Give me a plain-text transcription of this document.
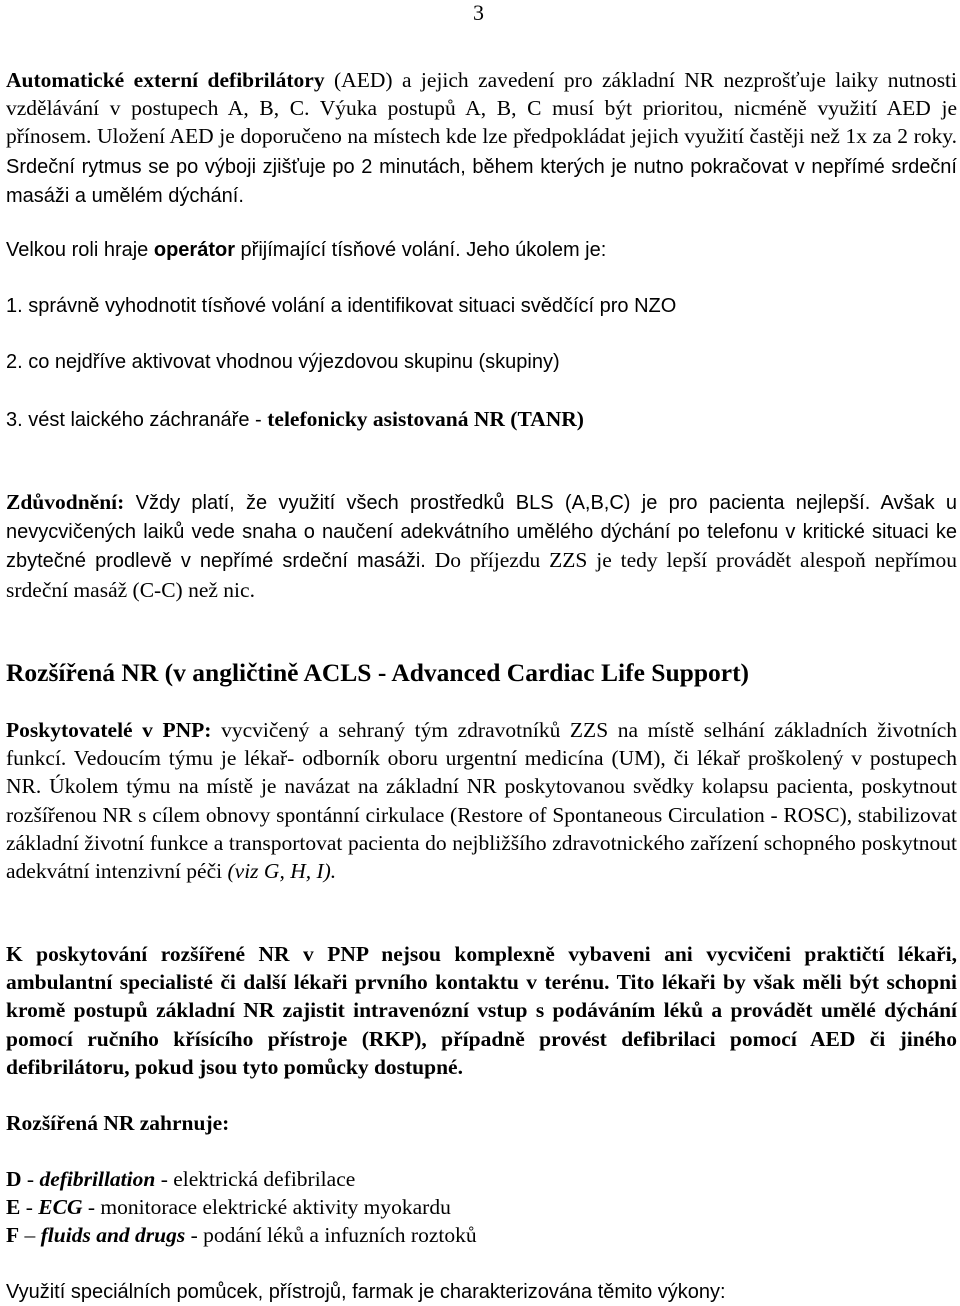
3

Automatické externí defibrilátory (AED) a jejich zavedení pro základní NR nezprošťuje laiky nutnosti vzdělávání v postupech A, B, C. Výuka postupů A, B, C musí být prioritou, nicméně využití AED je přínosem. Uložení AED je doporučeno na místech kde lze předpokládat jejich využití častěji než 1x za 2 roky. Srdeční rytmus se po výboji zjišťuje po 2 minutách, během kterých je nutno pokračovat v nepřímé srdeční masáži a umělém dýchání.

Velkou roli hraje operátor přijímající tísňové volání. Jeho úkolem je:

1. správně vyhodnotit tísňové volání a identifikovat situaci svědčící pro NZO

2. co nejdříve aktivovat vhodnou výjezdovou skupinu (skupiny)

3. vést laického záchranáře - telefonicky asistovaná NR (TANR)

Zdůvodnění: Vždy platí, že využití všech prostředků BLS (A,B,C) je pro pacienta nejlepší. Avšak u nevycvičených laiků vede snaha o naučení adekvátního umělého dýchání po telefonu v kritické situaci ke zbytečné prodlevě v nepřímé srdeční masáži. Do příjezdu ZZS je tedy lepší provádět alespoň nepřímou srdeční masáž (C-C) než nic.

Rozšířená NR (v angličtině ACLS - Advanced Cardiac Life Support)

Poskytovatelé v PNP: vycvičený a sehraný tým zdravotníků ZZS na místě selhání základních životních funkcí. Vedoucím týmu je lékař- odborník oboru urgentní medicína (UM), či lékař proškolený v postupech NR. Úkolem týmu na místě je navázat na základní NR poskytovanou svědky kolapsu pacienta, poskytnout rozšířenou NR s cílem obnovy spontánní cirkulace (Restore of Spontaneous Circulation - ROSC), stabilizovat základní životní funkce a transportovat pacienta do nejbližšího zdravotnického zařízení schopného poskytnout adekvátní intenzivní péči (viz G, H, I).

K poskytování rozšířené NR v PNP nejsou komplexně vybaveni ani vycvičeni praktičtí lékaři, ambulantní specialisté či další lékaři prvního kontaktu v terénu. Tito lékaři by však měli být schopni kromě postupů základní NR zajistit intravenózní vstup s podáváním léků a provádět umělé dýchání pomocí ručního křísícího přístroje (RKP), případně provést defibrilaci pomocí AED či jiného defibrilátoru, pokud jsou tyto pomůcky dostupné.

Rozšířená NR zahrnuje:

D - defibrillation - elektrická defibrilace
E - ECG - monitorace elektrické aktivity myokardu
F – fluids and drugs - podání léků a infuzních roztoků

Využití speciálních pomůcek, přístrojů, farmak je charakterizována těmito výkony:
